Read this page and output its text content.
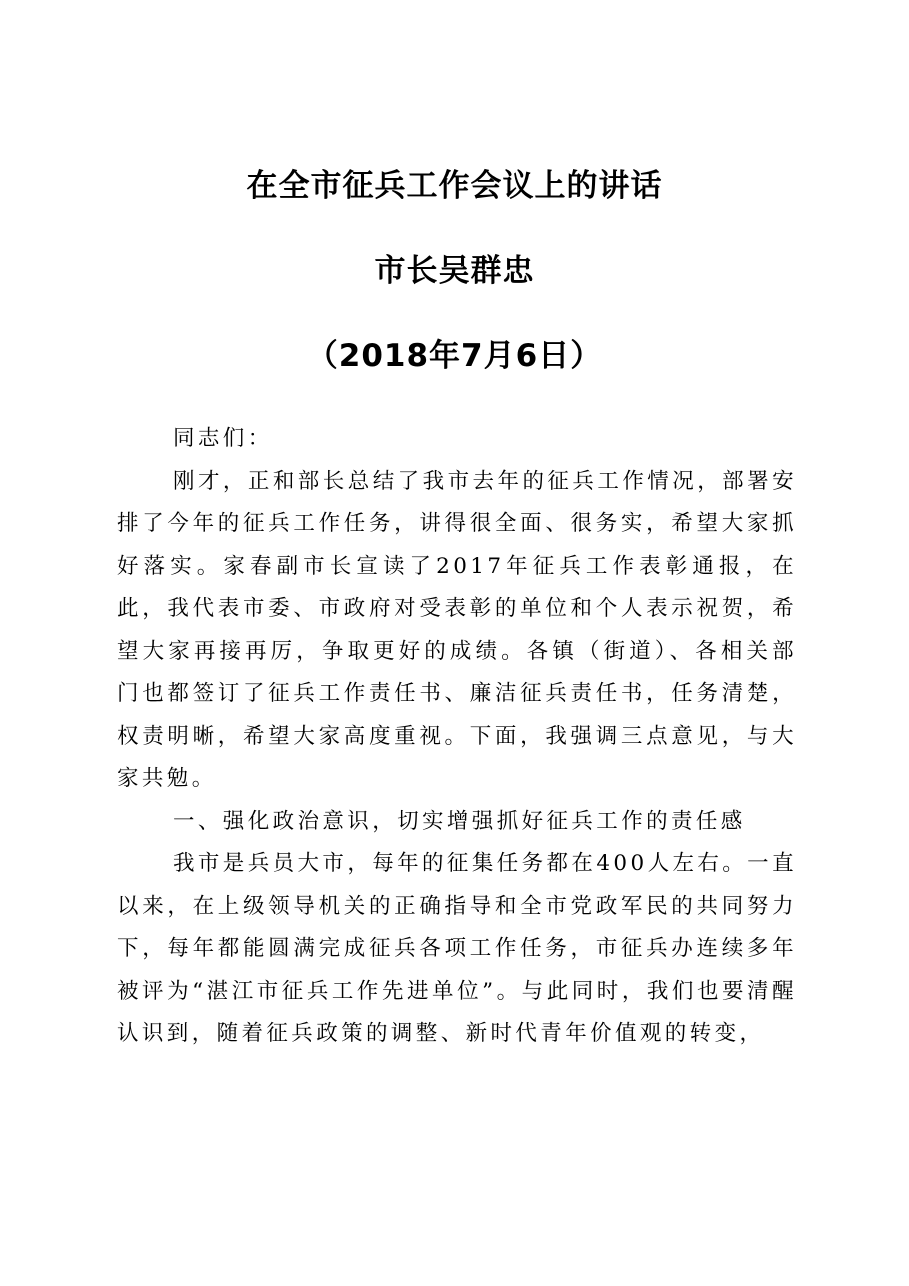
在全市征兵工作会议上的讲话
市长吴群忠
（2018年7月6日）

同志们：

刚才，正和部长总结了我市去年的征兵工作情况，部署安排了今年的征兵工作任务，讲得很全面、很务实，希望大家抓好落实。家春副市长宣读了2017年征兵工作表彰通报，在此，我代表市委、市政府对受表彰的单位和个人表示祝贺，希望大家再接再厉，争取更好的成绩。各镇（街道）、各相关部门也都签订了征兵工作责任书、廉洁征兵责任书，任务清楚，权责明晰，希望大家高度重视。下面，我强调三点意见，与大家共勉。

一、强化政治意识，切实增强抓好征兵工作的责任感

我市是兵员大市，每年的征集任务都在400人左右。一直以来，在上级领导机关的正确指导和全市党政军民的共同努力下，每年都能圆满完成征兵各项工作任务，市征兵办连续多年被评为“湛江市征兵工作先进单位”。与此同时，我们也要清醒认识到，随着征兵政策的调整、新时代青年价值观的转变，
